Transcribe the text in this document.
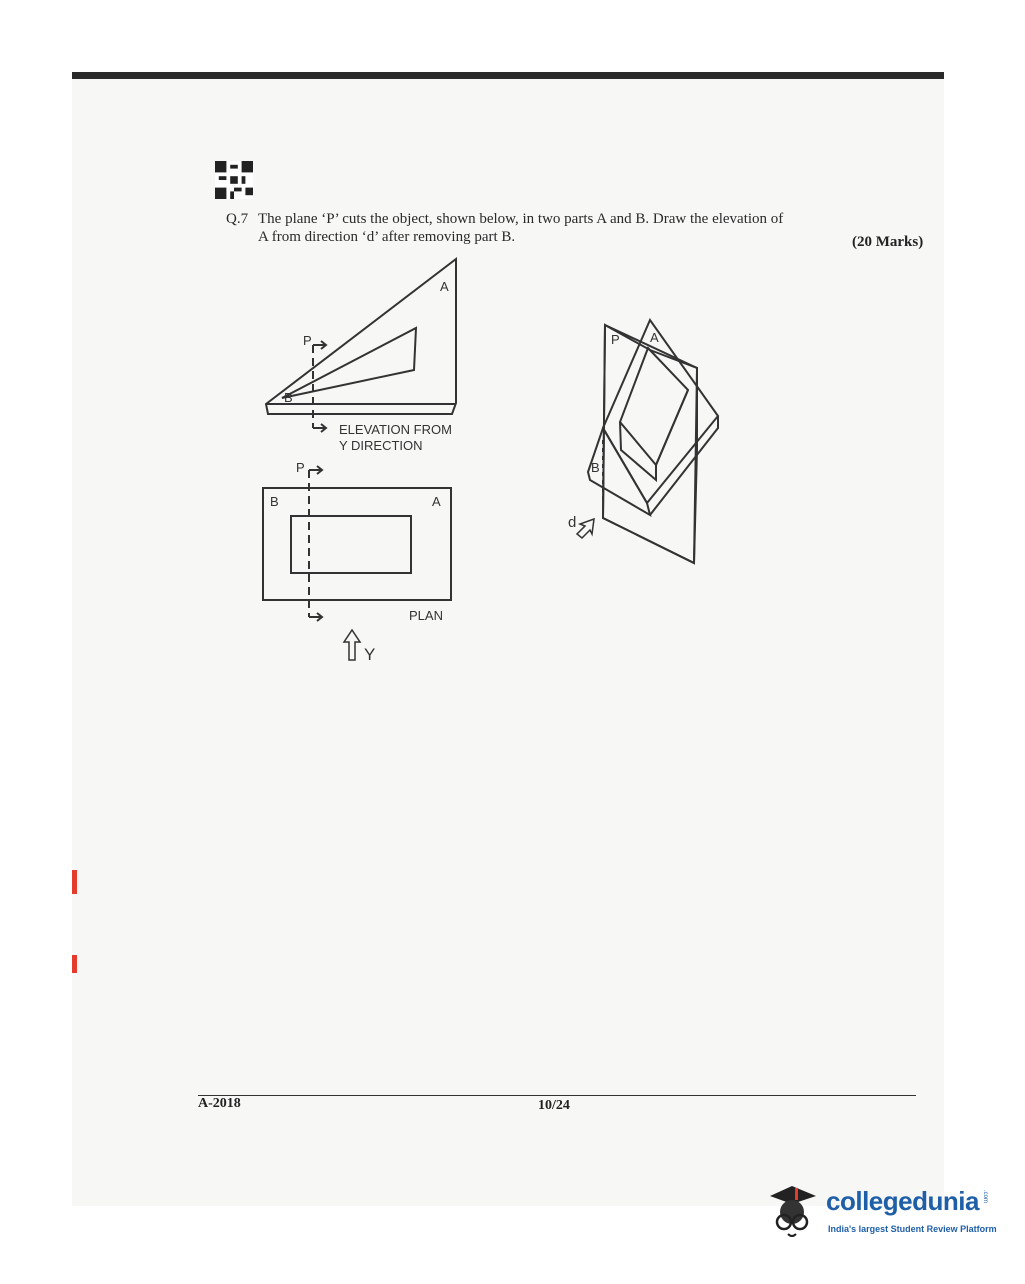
Q.7 The plane ‘P’ cuts the object, shown below, in two parts A and B. Draw the elevation of
A from direction ‘d’ after removing part B.	(20 Marks)
A
B
P
ELEVATION FROM
Y DIRECTION
P
B	A
PLAN
Y
P A
B
d
A-2018	10/24
collegedunia .com
India's largest Student Review Platform
